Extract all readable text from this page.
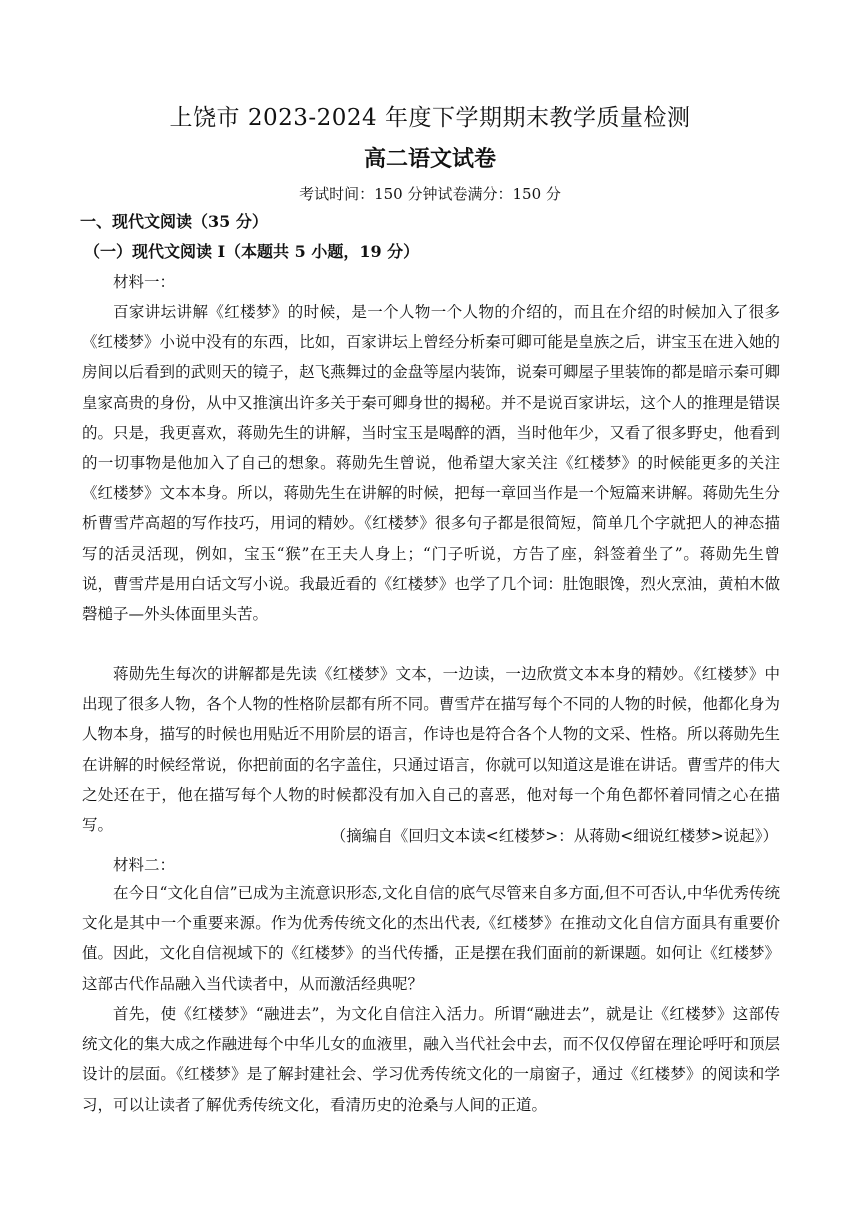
上饶市 2023-2024 年度下学期期末教学质量检测
高二语文试卷
考试时间：150 分钟试卷满分：150 分
一、现代文阅读（35 分）
（一）现代文阅读 I（本题共 5 小题，19 分）
材料一：

百家讲坛讲解《红楼梦》的时候，是一个人物一个人物的介绍的，而且在介绍的时候加入了很多《红楼梦》小说中没有的东西，比如，百家讲坛上曾经分析秦可卿可能是皇族之后，讲宝玉在进入她的房间以后看到的武则天的镜子，赵飞燕舞过的金盘等屋内装饰，说秦可卿屋子里装饰的都是暗示秦可卿皇家高贵的身份，从中又推演出许多关于秦可卿身世的揭秘。并不是说百家讲坛，这个人的推理是错误的。只是，我更喜欢，蒋勋先生的讲解，当时宝玉是喝醉的酒，当时他年少，又看了很多野史，他看到的一切事物是他加入了自己的想象。蒋勋先生曾说，他希望大家关注《红楼梦》的时候能更多的关注《红楼梦》文本本身。所以，蒋勋先生在讲解的时候，把每一章回当作是一个短篇来讲解。蒋勋先生分析曹雪芹高超的写作技巧，用词的精妙。《红楼梦》很多句子都是很简短，简单几个字就把人的神态描写的活灵活现，例如，宝玉“猴”在王夫人身上；“门子听说，方告了座，斜签着坐了”。蒋勋先生曾说，曹雪芹是用白话文写小说。我最近看的《红楼梦》也学了几个词：肚饱眼馋，烈火烹油，黄柏木做磬槌子—外头体面里头苦。

蒋勋先生每次的讲解都是先读《红楼梦》文本，一边读，一边欣赏文本本身的精妙。《红楼梦》中出现了很多人物，各个人物的性格阶层都有所不同。曹雪芹在描写每个不同的人物的时候，他都化身为人物本身，描写的时候也用贴近不用阶层的语言，作诗也是符合各个人物的文采、性格。所以蒋勋先生在讲解的时候经常说，你把前面的名字盖住，只通过语言，你就可以知道这是谁在讲话。曹雪芹的伟大之处还在于，他在描写每个人物的时候都没有加入自己的喜恶，他对每一个角色都怀着同情之心在描写。

（摘编自《回归文本读<红楼梦>：从蒋勋<细说红楼梦>说起》）
材料二：

在今日“文化自信”已成为主流意识形态,文化自信的底气尽管来自多方面,但不可否认,中华优秀传统文化是其中一个重要来源。作为优秀传统文化的杰出代表,《红楼梦》在推动文化自信方面具有重要价值。因此，文化自信视域下的《红楼梦》的当代传播，正是摆在我们面前的新课题。如何让《红楼梦》这部古代作品融入当代读者中，从而激活经典呢？

首先，使《红楼梦》“融进去”，为文化自信注入活力。所谓“融进去”，就是让《红楼梦》这部传统文化的集大成之作融进每个中华儿女的血液里，融入当代社会中去，而不仅仅停留在理论呼吁和顶层设计的层面。《红楼梦》是了解封建社会、学习优秀传统文化的一扇窗子，通过《红楼梦》的阅读和学习，可以让读者了解优秀传统文化，看清历史的沧桑与人间的正道。
